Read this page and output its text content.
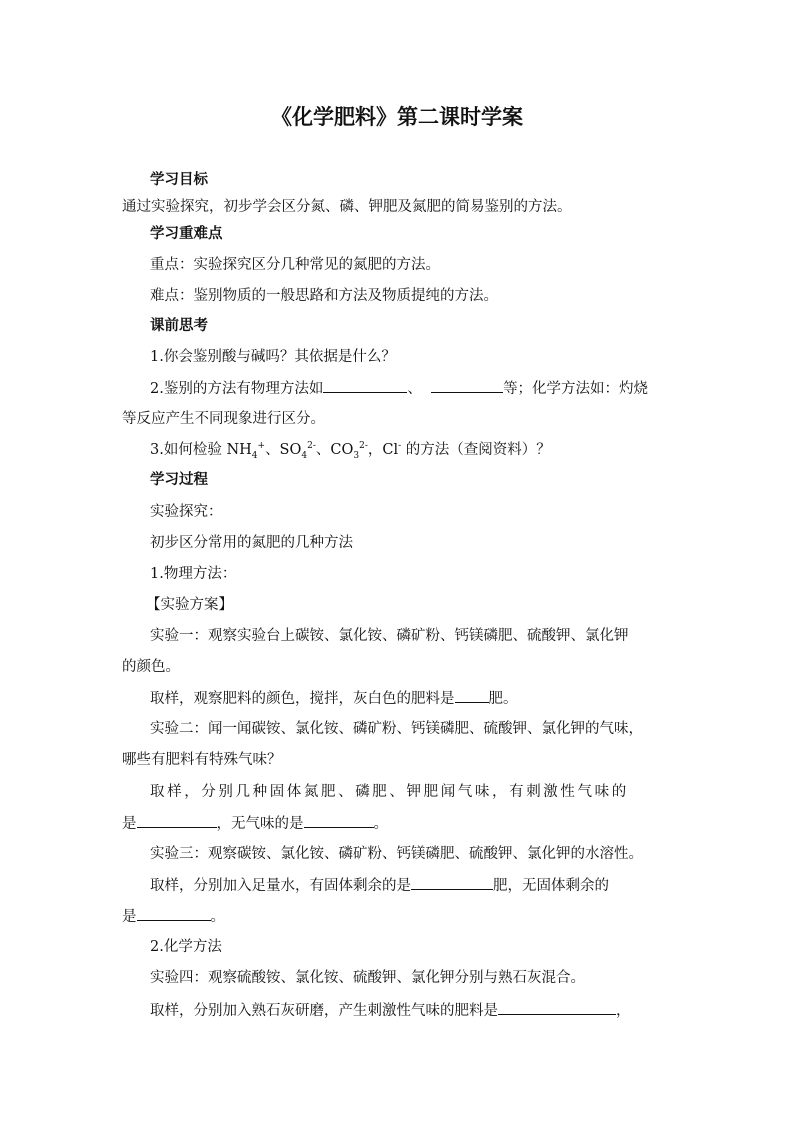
《化学肥料》第二课时学案
学习目标
通过实验探究，初步学会区分氮、磷、钾肥及氮肥的简易鉴别的方法。
学习重难点
重点：实验探究区分几种常见的氮肥的方法。
难点：鉴别物质的一般思路和方法及物质提纯的方法。
课前思考
1.你会鉴别酸与碱吗？其依据是什么？
2.鉴别的方法有物理方法如	、	等；化学方法如：灼烧
等反应产生不同现象进行区分。
3.如何检验 $NH_4^+$、$SO_4^{2-}$、$CO_3^{2-}$，Cl- 的方法（查阅资料）？
学习过程
实验探究：
初步区分常用的氮肥的几种方法
1.物理方法：
【实验方案】
实验一：观察实验台上碳铵、氯化铵、磷矿粉、钙镁磷肥、硫酸钾、氯化钾
的颜色。
取样，观察肥料的颜色，搅拌，灰白色的肥料是 肥。
实验二：闻一闻碳铵、氯化铵、磷矿粉、钙镁磷肥、硫酸钾、氯化钾的气味，
哪些有肥料有特殊气味？
取样，分别几种固体氮肥、磷肥、钾肥闻气味，有刺激性气味的
是	，无气味的是	。
实验三：观察碳铵、氯化铵、磷矿粉、钙镁磷肥、硫酸钾、氯化钾的水溶性。
取样，分别加入足量水，有固体剩余的是	肥，无固体剩余的
是	。
2.化学方法
实验四：观察硫酸铵、氯化铵、硫酸钾、氯化钾分别与熟石灰混合。
取样，分别加入熟石灰研磨，产生刺激性气味的肥料是	，
